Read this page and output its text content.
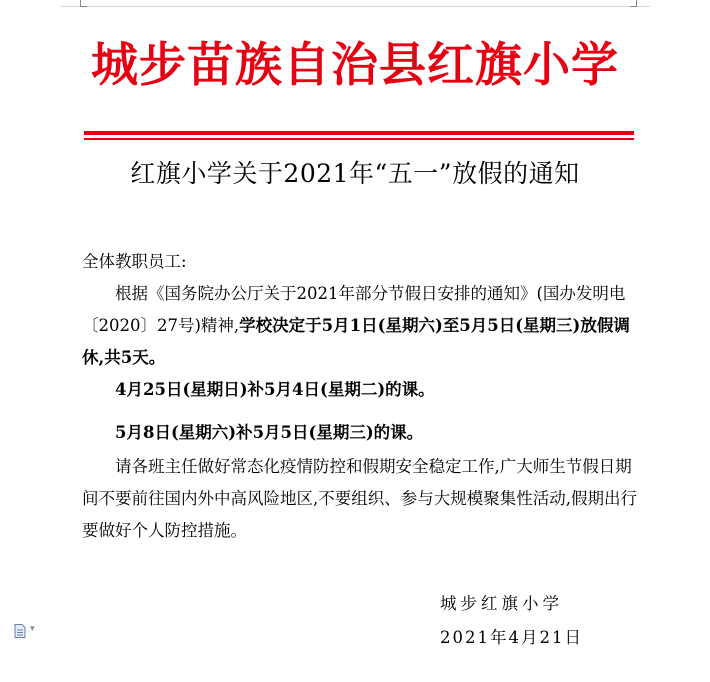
城步苗族自治县红旗小学
红旗小学关于2021年“五一”放假的通知
全体教职员工:

根据《国务院办公厅关于2021年部分节假日安排的通知》(国办发明电〔2020〕27号)精神,学校决定于5月1日(星期六)至5月5日(星期三)放假调休,共5天。

4月25日(星期日)补5月4日(星期二)的课。

5月8日(星期六)补5月5日(星期三)的课。

请各班主任做好常态化疫情防控和假期安全稳定工作,广大师生节假日期间不要前往国内外中高风险地区,不要组织、参与大规模聚集性活动,假期出行要做好个人防控措施。

城步红旗小学
2021年4月21日
▾
